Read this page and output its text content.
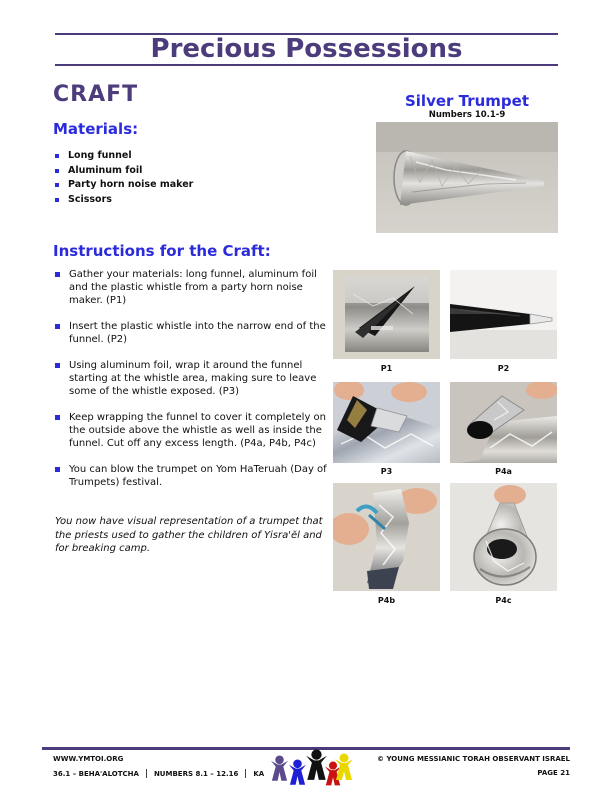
Precious Possessions
CRAFT	Silver Trumpet
Numbers 10.1-9
Materials:
Long funnel
Aluminum foil
Party horn noise maker
Scissors
Instructions for the Craft:
Gather your materials: long funnel, aluminum foil and the plastic whistle from a party horn noise maker. (P1)
Insert the plastic whistle into the narrow end of the funnel. (P2)
Using aluminum foil, wrap it around the funnel starting at the whistle area, making sure to leave some of the whistle exposed. (P3)
Keep wrapping the funnel to cover it completely on the outside above the whistle as well as inside the funnel. Cut off any excess length. (P4a, P4b, P4c)
You can blow the trumpet on Yom HaTeruah (Day of Trumpets) festival.
You now have visual representation of a trumpet that the priests used to gather the children of Yisra'ĕl and for breaking camp.
P1	P2
P3	P4a
P4b	P4c
WWW.YMTOI.ORG
36.1 – BEHA'ALOTCHA NUMBERS 8.1 – 12.16 KA
© YOUNG MESSIANIC TORAH OBSERVANT ISRAEL
PAGE 21
